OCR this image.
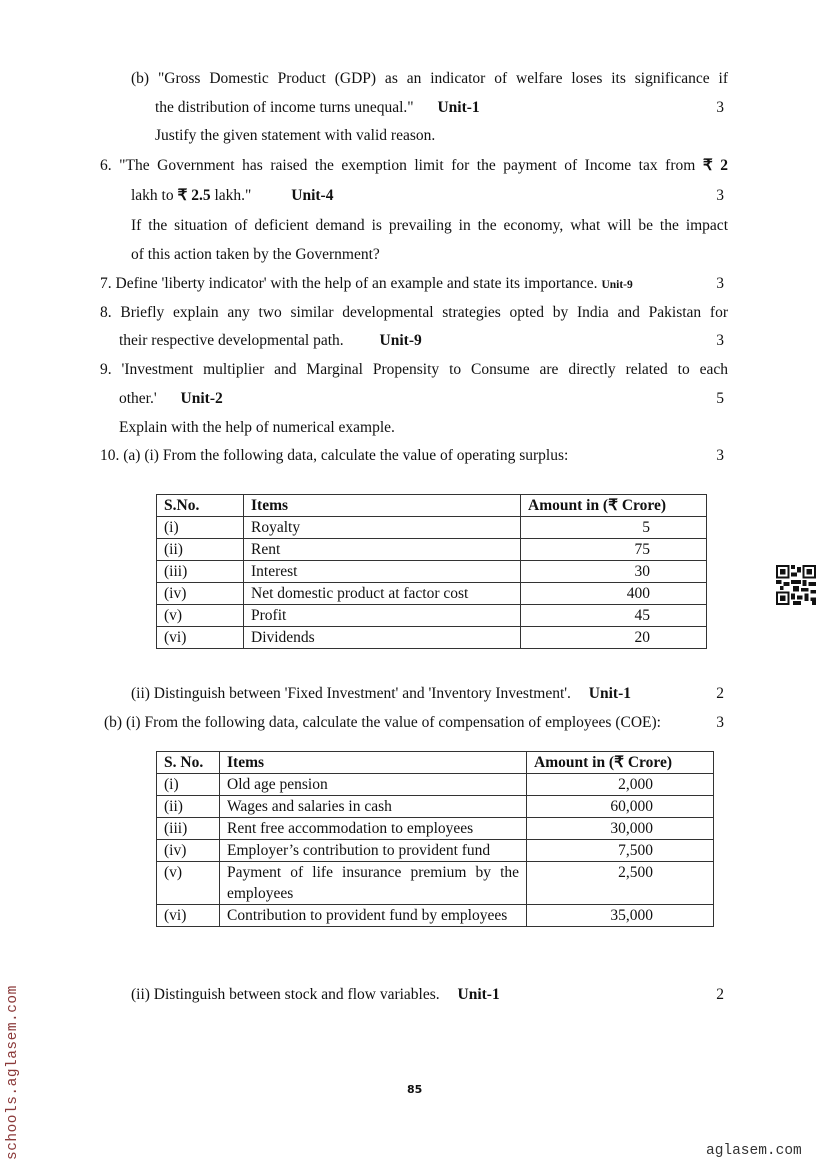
(b) "Gross Domestic Product (GDP) as an indicator of welfare loses its significance if
the distribution of income turns unequal." Unit-1	3
Justify the given statement with valid reason.
6. "The Government has raised the exemption limit for the payment of Income tax from ₹ 2
lakh to ₹ 2.5 lakh."	Unit-4	3
If the situation of deficient demand is prevailing in the economy, what will be the impact
of this action taken by the Government?
7. Define 'liberty indicator' with the help of an example and state its importance. Unit-9	3
8. Briefly explain any two similar developmental strategies opted by India and Pakistan for
their respective developmental path. Unit-9	3
9. 'Investment multiplier and Marginal Propensity to Consume are directly related to each
other.' Unit-2	5
Explain with the help of numerical example.
10. (a) (i) From the following data, calculate the value of operating surplus:	3
S.No.	Items	Amount in (₹ Crore)
(i)	Royalty	5
(ii)	Rent	75
(iii)	Interest	30
(iv)	Net domestic product at factor cost	400
(v)	Profit	45
(vi)	Dividends	20
(ii) Distinguish between 'Fixed Investment' and 'Inventory Investment'. Unit-1	2
(b) (i) From the following data, calculate the value of compensation of employees (COE):	3
S. No.	Items	Amount in (₹ Crore)
(i)	Old age pension	2,000
(ii)	Wages and salaries in cash	60,000
(iii)	Rent free accommodation to employees	30,000
(iv)	Employer’s contribution to provident fund	7,500
(v)	Payment of life insurance premium by the employees	2,500
(vi)	Contribution to provident fund by employees	35,000
(ii) Distinguish between stock and flow variables. Unit-1	2
85
schools.aglasem.com	aglasem.com
